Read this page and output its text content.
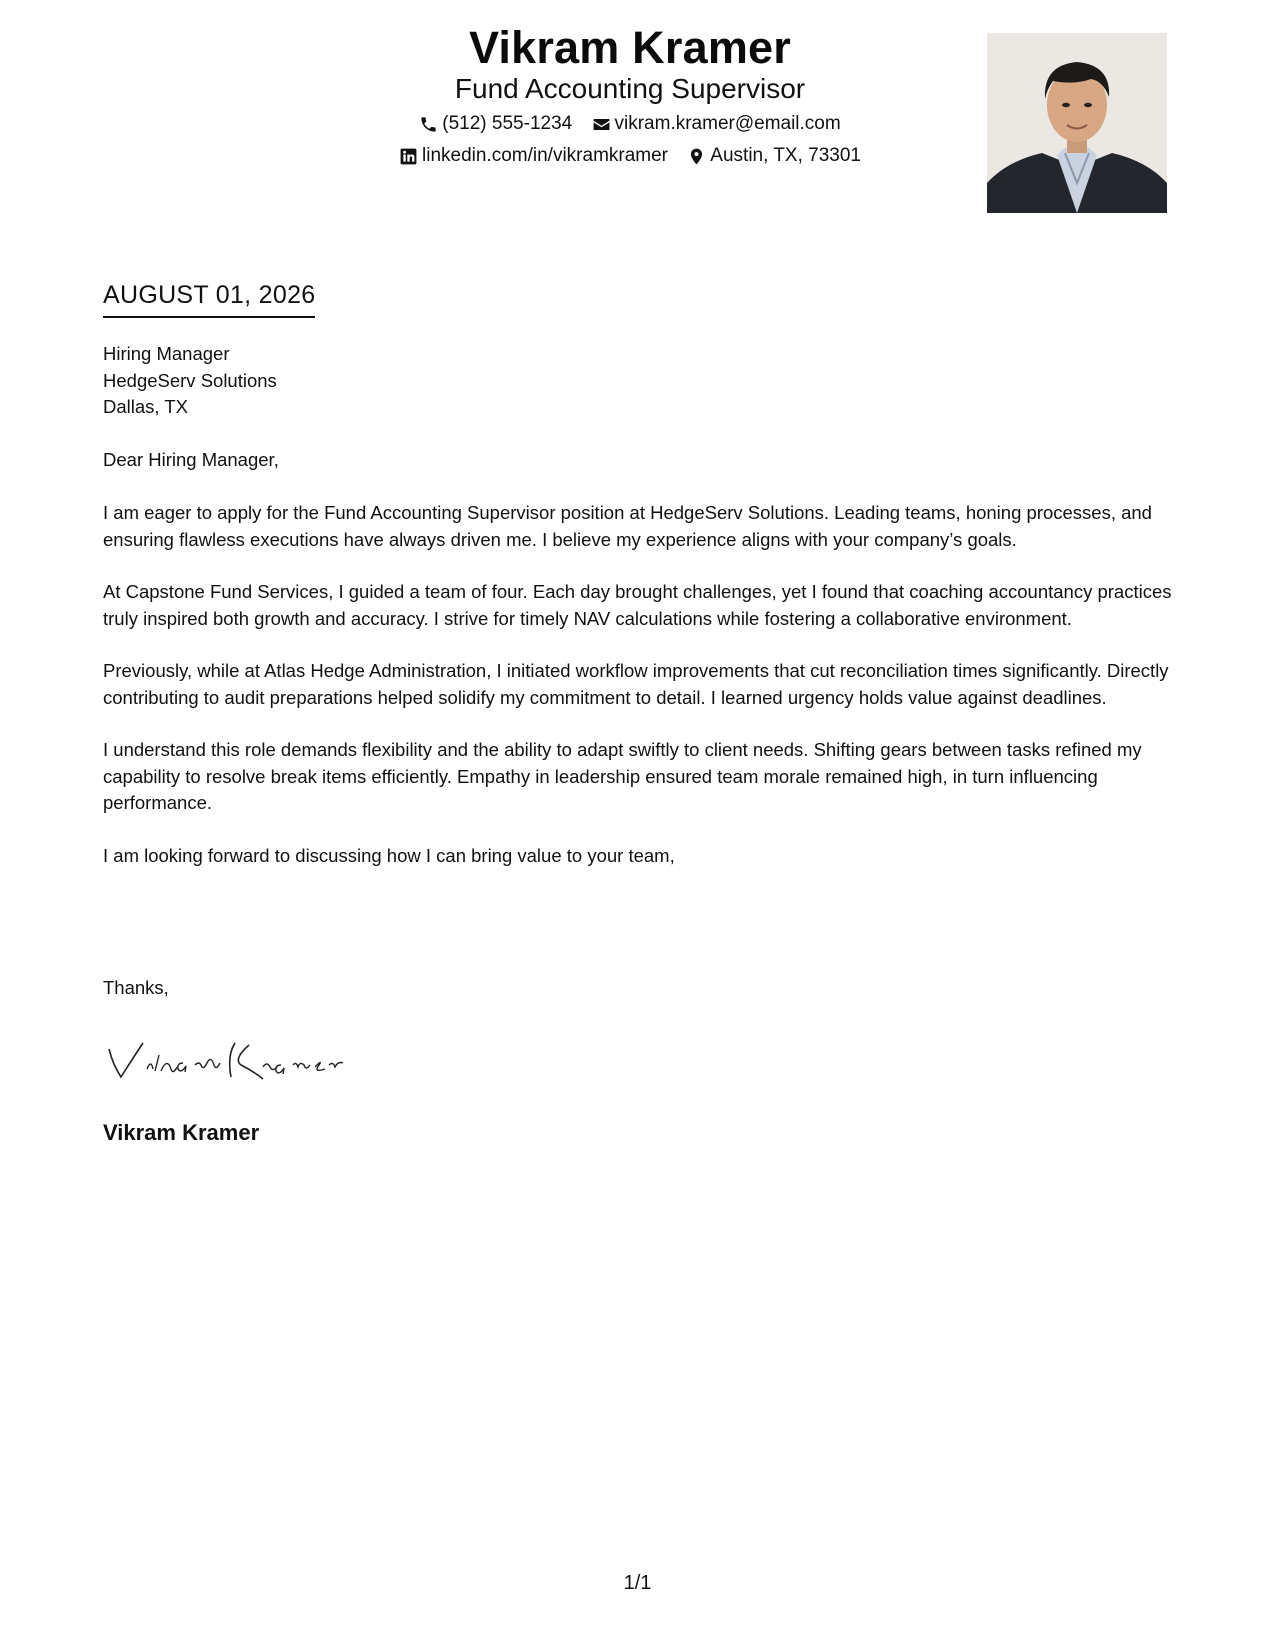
Vikram Kramer
Fund Accounting Supervisor
(512) 555-1234
vikram.kramer@email.com
linkedin.com/in/vikramkramer
Austin, TX, 73301
AUGUST 01, 2026
Hiring Manager
HedgeServ Solutions
Dallas, TX
Dear Hiring Manager,

I am eager to apply for the Fund Accounting Supervisor position at HedgeServ Solutions. Leading teams, honing processes, and ensuring flawless executions have always driven me. I believe my experience aligns with your company’s goals.

At Capstone Fund Services, I guided a team of four. Each day brought challenges, yet I found that coaching accountancy practices truly inspired both growth and accuracy. I strive for timely NAV calculations while fostering a collaborative environment.

Previously, while at Atlas Hedge Administration, I initiated workflow improvements that cut reconciliation times significantly. Directly contributing to audit preparations helped solidify my commitment to detail. I learned urgency holds value against deadlines.

I understand this role demands flexibility and the ability to adapt swiftly to client needs. Shifting gears between tasks refined my capability to resolve break items efficiently. Empathy in leadership ensured team morale remained high, in turn influencing performance.

I am looking forward to discussing how I can bring value to your team,

Thanks,
Vikram Kramer
1/1
